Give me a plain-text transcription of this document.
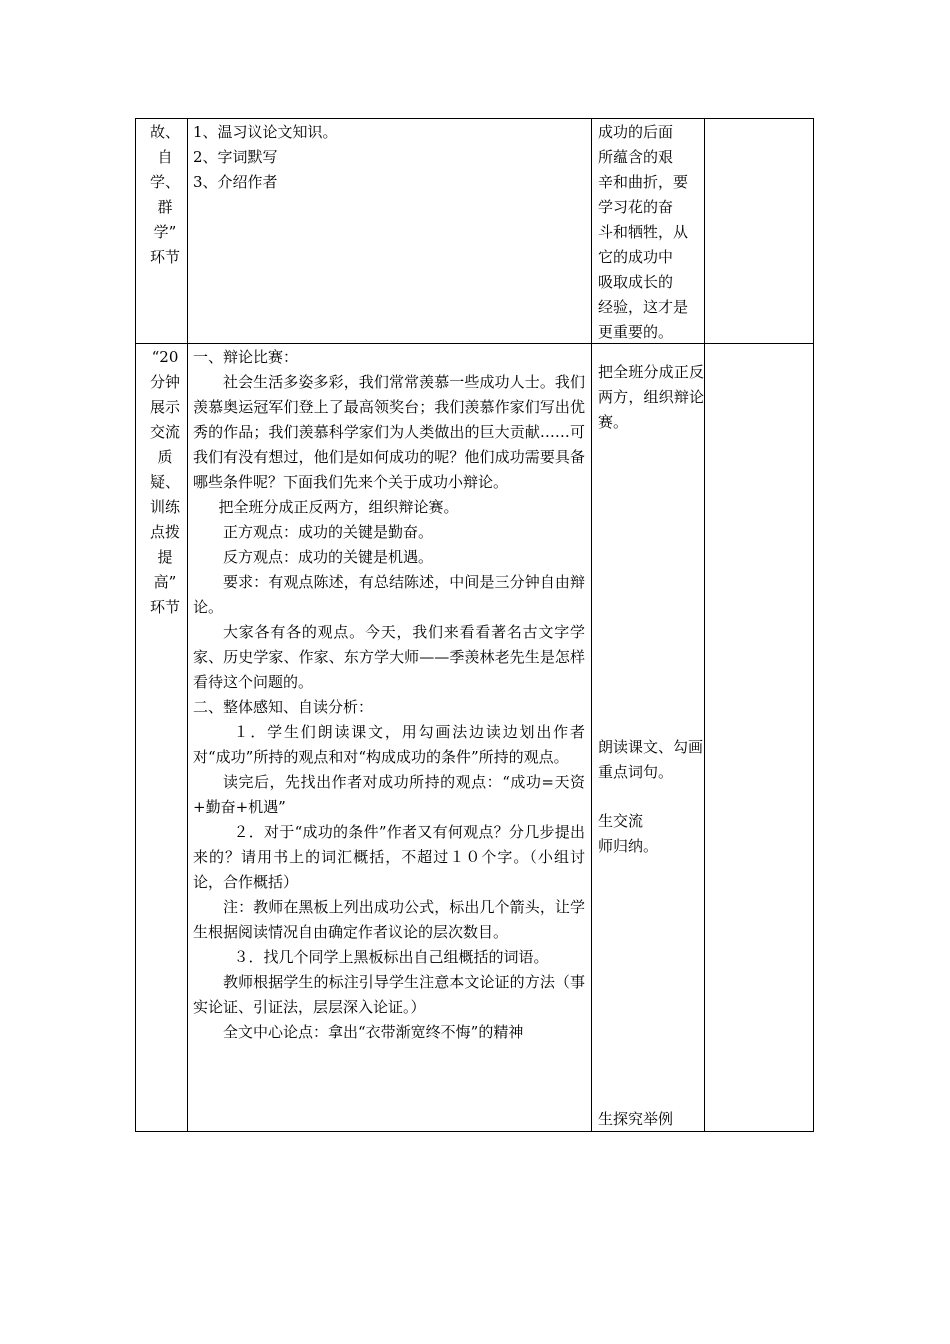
故、
自
学、
群
学”
环节
1、温习议论文知识。
2、字词默写
3、介绍作者
成功的后面
所蕴含的艰
辛和曲折，要
学习花的奋
斗和牺牲，从
它的成功中
吸取成长的
经验，这才是
更重要的。
“20
分钟
展示
交流
质
疑、
训练
点拨
提
高”
环节

一、辩论比赛：

社会生活多姿多彩，我们常常羡慕一些成功人士。我们羡慕奥运冠军们登上了最高领奖台；我们羡慕作家们写出优秀的作品；我们羡慕科学家们为人类做出的巨大贡献……可我们有没有想过，他们是如何成功的呢？他们成功需要具备哪些条件呢？下面我们先来个关于成功小辩论。

把全班分成正反两方，组织辩论赛。

正方观点：成功的关键是勤奋。

反方观点：成功的关键是机遇。

要求：有观点陈述，有总结陈述，中间是三分钟自由辩论。

大家各有各的观点。今天，我们来看看著名古文字学家、历史学家、作家、东方学大师——季羡林老先生是怎样看待这个问题的。

二、整体感知、自读分析：

１．学生们朗读课文，用勾画法边读边划出作者对“成功”所持的观点和对“构成成功的条件”所持的观点。

读完后，先找出作者对成功所持的观点：“成功=天资+勤奋+机遇”

２．对于“成功的条件”作者又有何观点？分几步提出来的？请用书上的词汇概括，不超过１０个字。（小组讨论，合作概括）

注：教师在黑板上列出成功公式，标出几个箭头，让学生根据阅读情况自由确定作者议论的层次数目。

３．找几个同学上黑板标出自己组概括的词语。

教师根据学生的标注引导学生注意本文论证的方法（事实论证、引证法，层层深入论证。）

全文中心论点：拿出“衣带渐宽终不悔”的精神

把全班分成正反两方，组织辩论赛。

朗读课文、勾画重点词句。

生交流
师归纳。
生探究举例
